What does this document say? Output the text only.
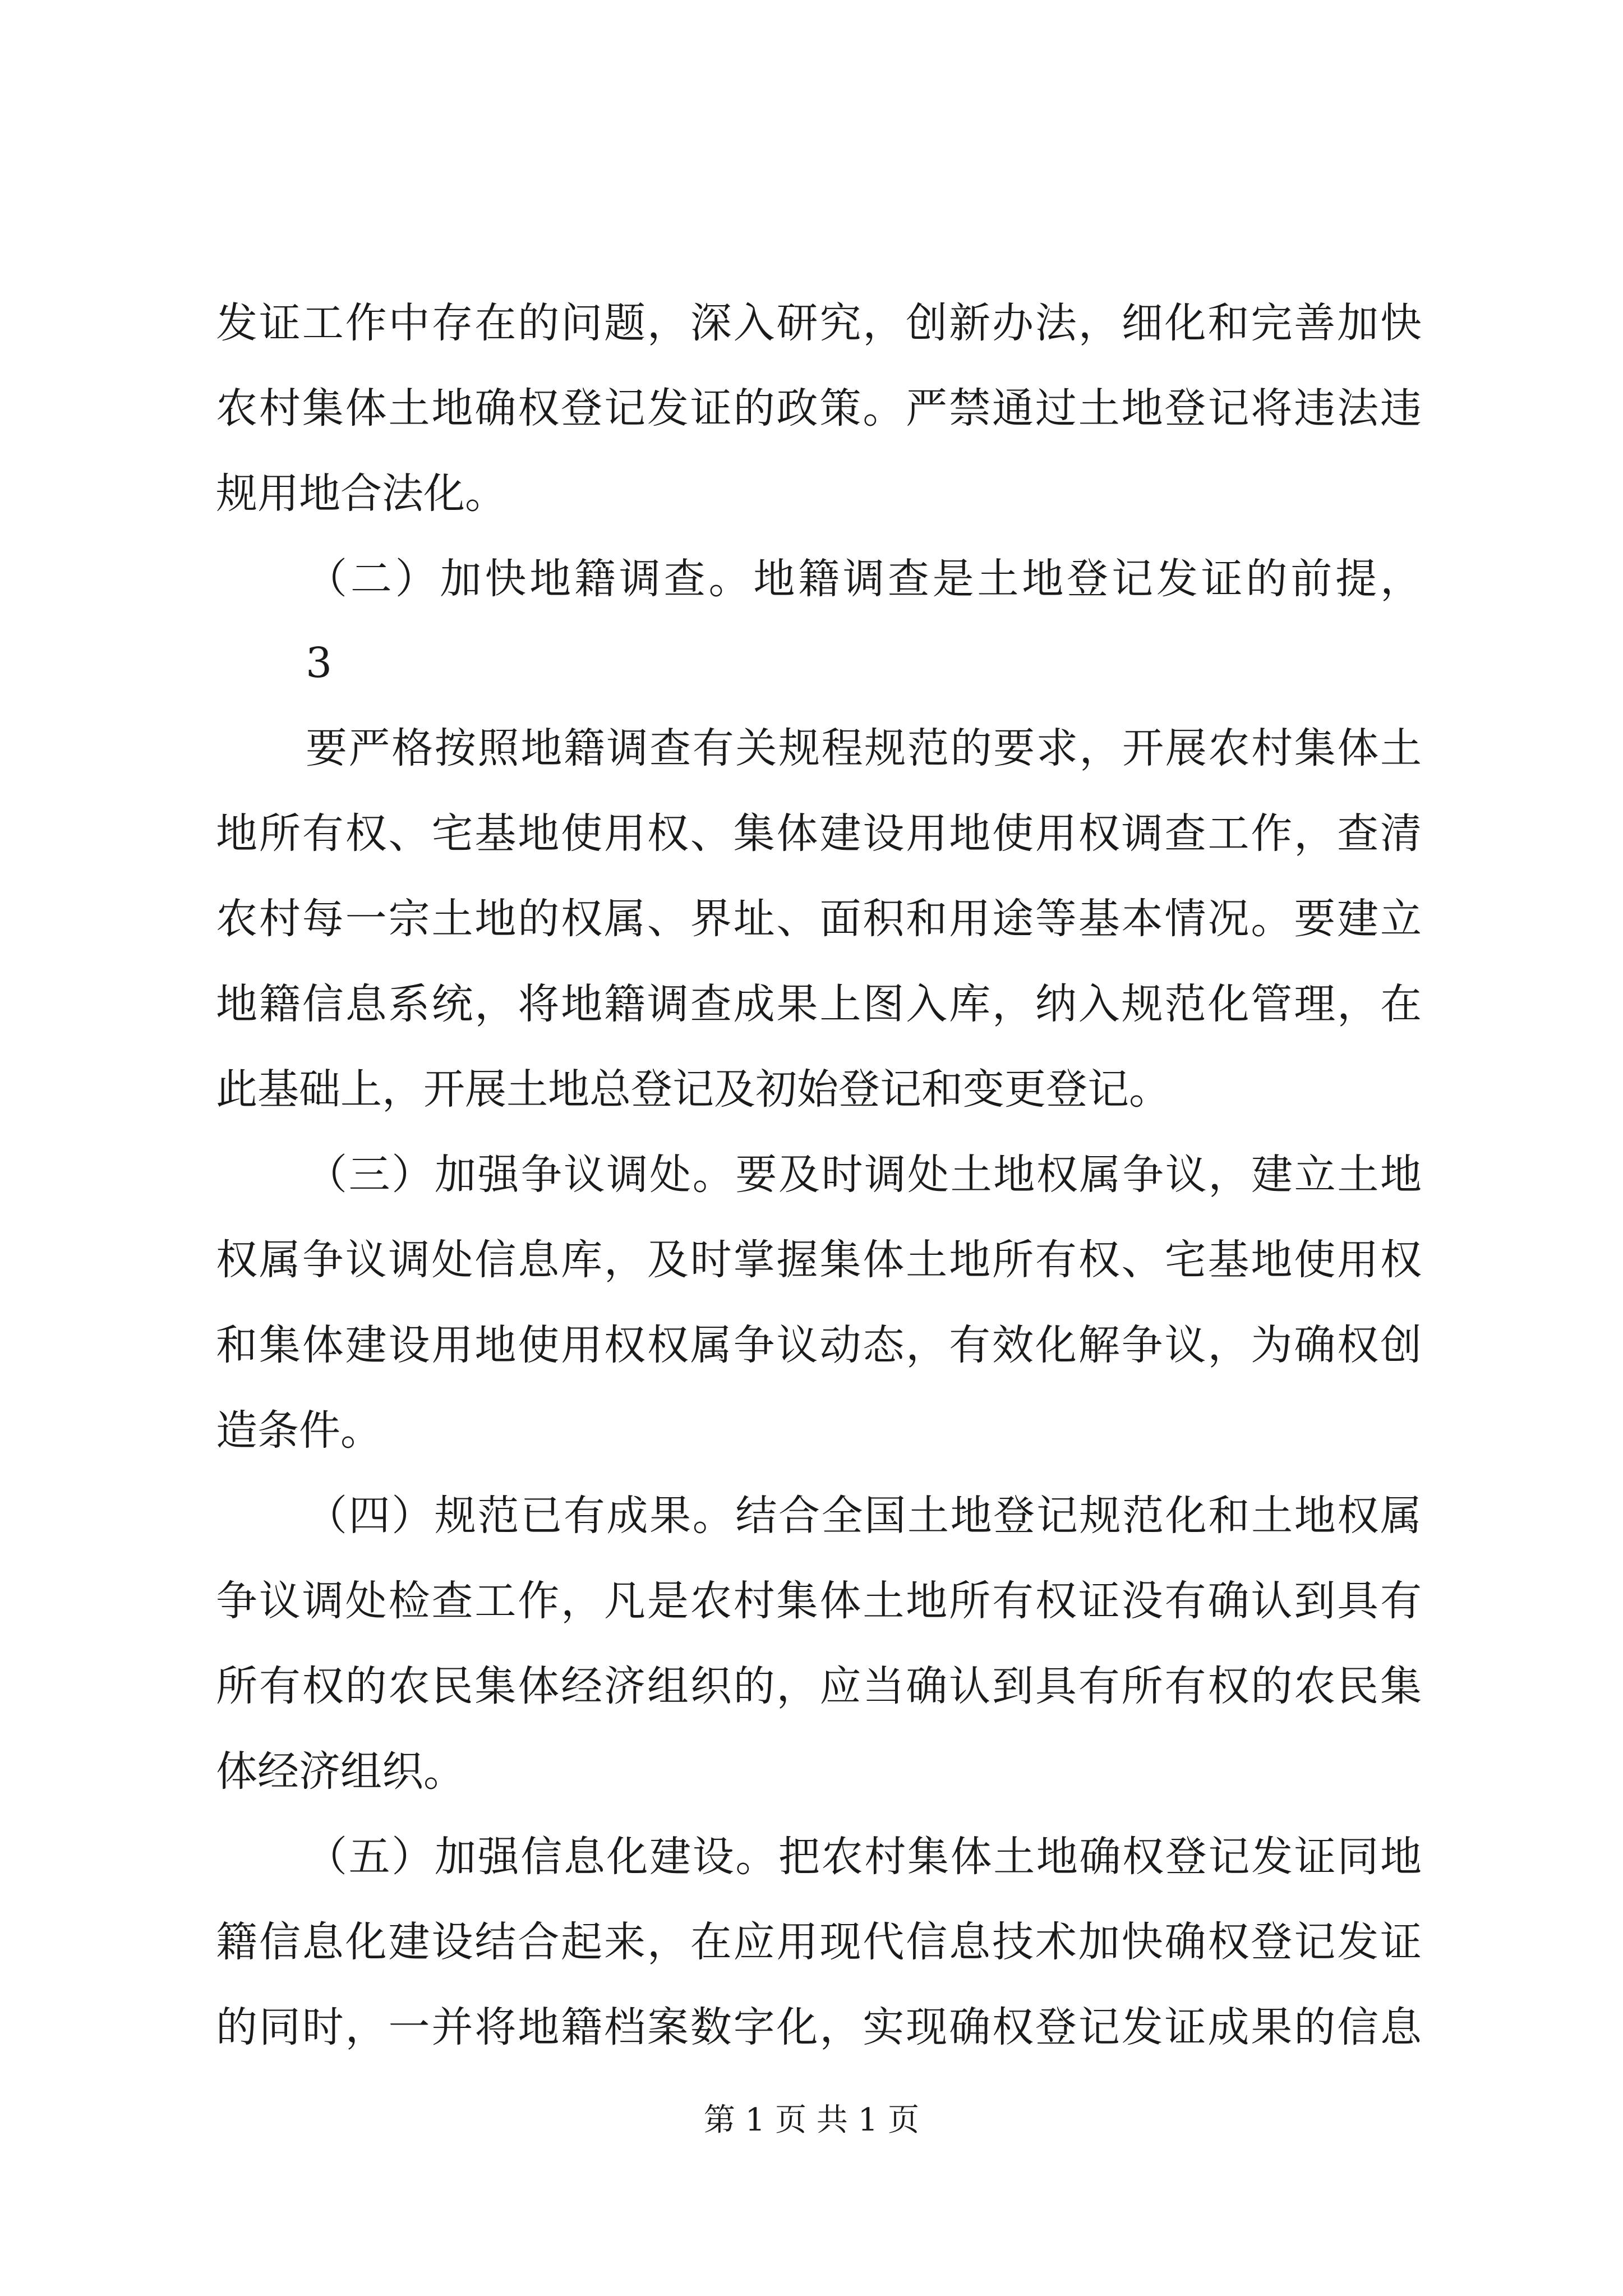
发证工作中存在的问题，深入研究，创新办法，细化和完善加快
农村集体土地确权登记发证的政策。严禁通过土地登记将违法违
规用地合法化。
（二）加快地籍调查。地籍调查是土地登记发证的前提，
3
要严格按照地籍调查有关规程规范的要求，开展农村集体土
地所有权、宅基地使用权、集体建设用地使用权调查工作，查清
农村每一宗土地的权属、界址、面积和用途等基本情况。要建立
地籍信息系统，将地籍调查成果上图入库，纳入规范化管理，在
此基础上，开展土地总登记及初始登记和变更登记。
（三）加强争议调处。要及时调处土地权属争议，建立土地
权属争议调处信息库，及时掌握集体土地所有权、宅基地使用权
和集体建设用地使用权权属争议动态，有效化解争议，为确权创
造条件。
（四）规范已有成果。结合全国土地登记规范化和土地权属
争议调处检查工作，凡是农村集体土地所有权证没有确认到具有
所有权的农民集体经济组织的，应当确认到具有所有权的农民集
体经济组织。
（五）加强信息化建设。把农村集体土地确权登记发证同地
籍信息化建设结合起来，在应用现代信息技术加快确权登记发证
的同时，一并将地籍档案数字化，实现确权登记发证成果的信息
第 1 页 共 1 页
